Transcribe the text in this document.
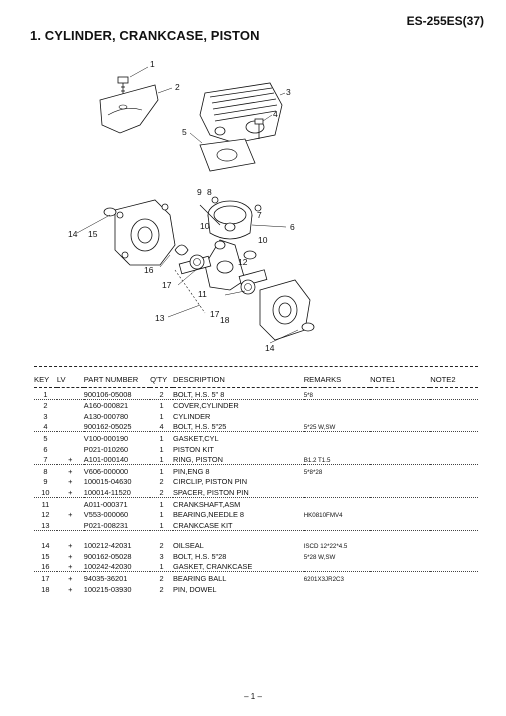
ES-255ES(37)
1. CYLINDER, CRANKCASE, PISTON
1
2	3
4
5
6
7
8
9
10
10
12
14 15
16
17
11
13	17
18
14
KEY	LV	PART NUMBER	Q'TY	DESCRIPTION	REMARKS	NOTE1	NOTE2
1		900106-05008	2	BOLT, H.S. 5" 8	5*8		
2		A160-000821	1	COVER,CYLINDER			
3		A130-000780	1	CYLINDER			
4		900162-05025	4	BOLT, H.S. 5"25	5*25 W,SW		
5		V100-000190	1	GASKET,CYL			
6		P021-010260	1	PISTON KIT			
7	+	A101-000140	1	RING, PISTON	B1.2 T1.5		
8	+	V606-000000	1	PIN,ENG 8	5*8*28		
9	+	100015-04630	2	CIRCLIP, PISTON PIN			
10	+	100014-11520	2	SPACER, PISTON PIN			
11		A011-000371	1	CRANKSHAFT,ASM			
12	+	V553-000060	1	BEARING,NEEDLE 8	HK0810FMV4		
13		P021-008231	1	CRANKCASE KIT			
14	+	100212-42031	2	OILSEAL	ISCD 12*22*4.5		
15	+	900162-05028	3	BOLT, H.S. 5"28	5*28 W,SW		
16	+	100242-42030	1	GASKET, CRANKCASE			
17	+	94035-36201	2	BEARING BALL	6201X3JR2C3		
18	+	100215-03930	2	PIN, DOWEL			
– 1 –
